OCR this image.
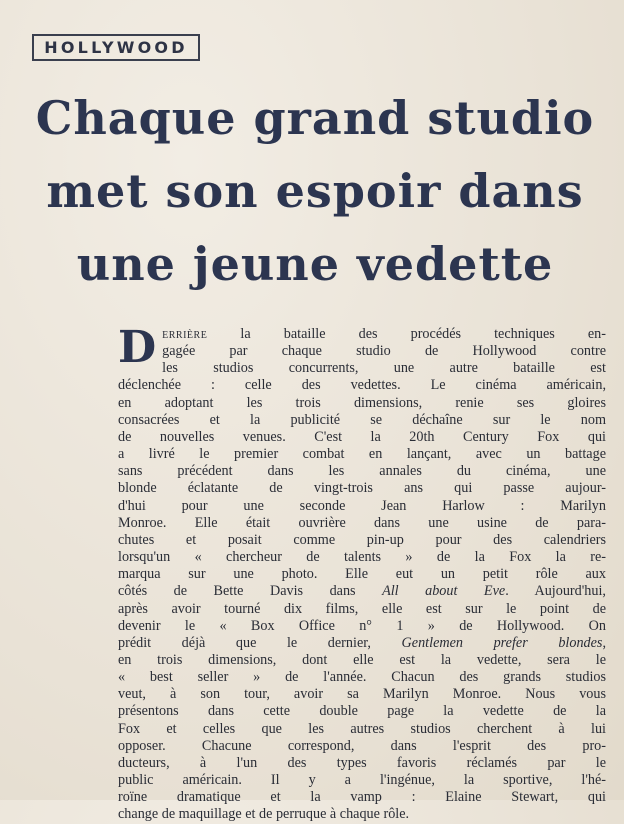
HOLLYWOOD
Chaque grand studio
met son espoir dans
une jeune vedette
D errière la bataille des procédés techniques en-
gagée par chaque studio de Hollywood contre
les studios concurrents, une autre bataille est
déclenchée : celle des vedettes. Le cinéma américain,
en adoptant les trois dimensions, renie ses gloires
consacrées et la publicité se déchaîne sur le nom
de nouvelles venues. C'est la 20th Century Fox qui
a livré le premier combat en lançant, avec un battage
sans précédent dans les annales du cinéma, une
blonde éclatante de vingt-trois ans qui passe aujour-
d'hui pour une seconde Jean Harlow : Marilyn
Monroe. Elle était ouvrière dans une usine de para-
chutes et posait comme pin-up pour des calendriers
lorsqu'un « chercheur de talents » de la Fox la re-
marqua sur une photo. Elle eut un petit rôle aux
côtés de Bette Davis dans All about Eve. Aujourd'hui,
après avoir tourné dix films, elle est sur le point de
devenir le « Box Office n° 1 » de Hollywood. On
prédit déjà que le dernier, Gentlemen prefer blondes,
en trois dimensions, dont elle est la vedette, sera le
« best seller » de l'année. Chacun des grands studios
veut, à son tour, avoir sa Marilyn Monroe. Nous vous
présentons dans cette double page la vedette de la
Fox et celles que les autres studios cherchent à lui
opposer. Chacune correspond, dans l'esprit des pro-
ducteurs, à l'un des types favoris réclamés par le
public américain. Il y a l'ingénue, la sportive, l'hé-
roïne dramatique et la vamp : Elaine Stewart, qui
change de maquillage et de perruque à chaque rôle.
